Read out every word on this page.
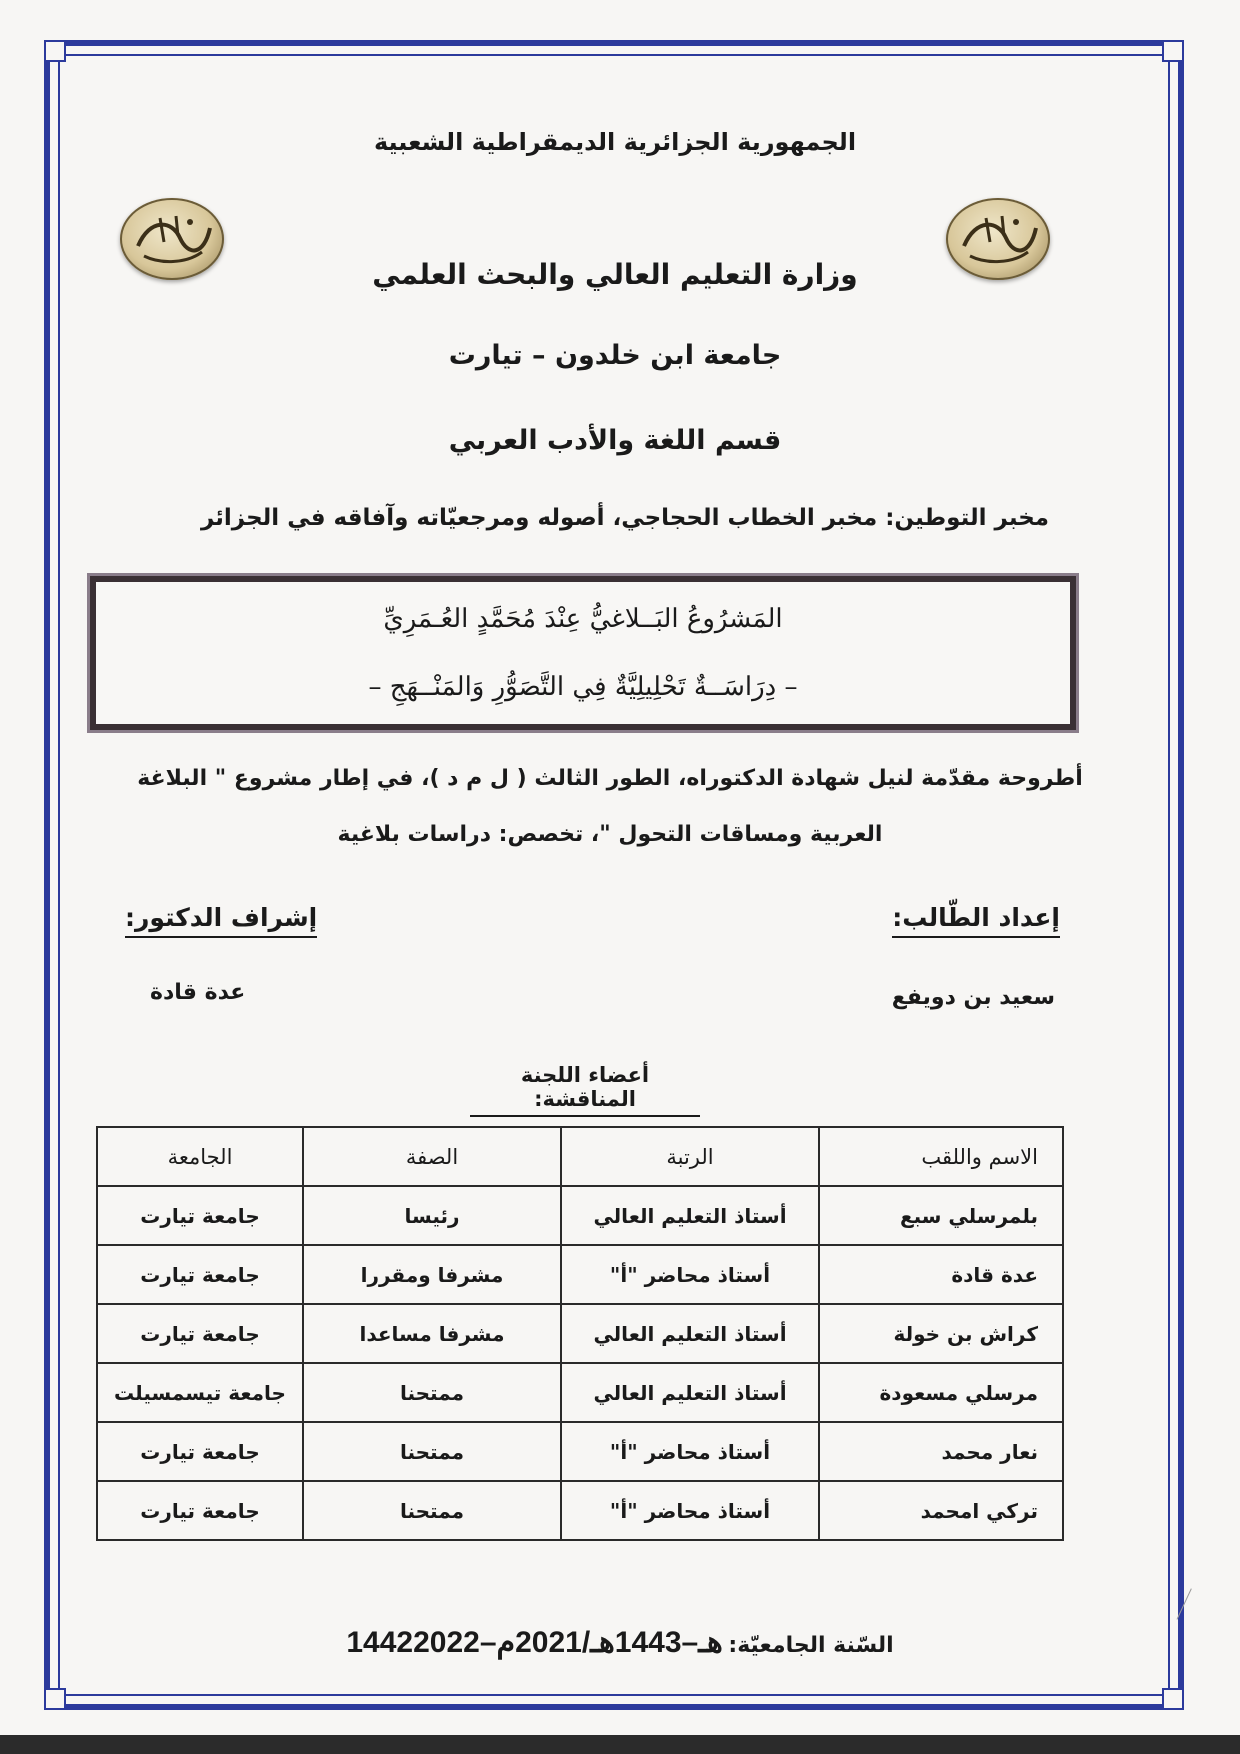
الجمهورية الجزائرية الديمقراطية الشعبية
وزارة التعليم العالي والبحث العلمي
جامعة ابن خلدون – تيارت
قسم اللغة والأدب العربي
مخبر التوطين: مخبر الخطاب الحجاجي، أصوله ومرجعيّاته وآفاقه في الجزائر
المَشرُوعُ البَــلاغيُّ عِنْدَ مُحَمَّدٍ العُـمَرِيِّ
– دِرَاسَــةٌ تَحْلِيلِيَّةٌ فِي التَّصَوُّرِ وَالمَنْــهَجِ –
أطروحة مقدّمة لنيل شهادة الدكتوراه، الطور الثالث ( ل م د )، في إطار مشروع " البلاغة
العربية ومساقات التحول "، تخصص: دراسات بلاغية
إعداد الطّالب:
إشراف الدكتور:
سعيد بن دويفع
عدة قادة
أعضاء اللجنة المناقشة:
الاسم واللقب	الرتبة	الصفة	الجامعة
بلمرسلي سبع	أستاذ التعليم العالي	رئيسا	جامعة تيارت
عدة قادة	أستاذ محاضر "أ"	مشرفا ومقررا	جامعة تيارت
كراش بن خولة	أستاذ التعليم العالي	مشرفا مساعدا	جامعة تيارت
مرسلي مسعودة	أستاذ التعليم العالي	ممتحنا	جامعة تيسمسيلت
نعار محمد	أستاذ محاضر "أ"	ممتحنا	جامعة تيارت
تركي امحمد	أستاذ محاضر "أ"	ممتحنا	جامعة تيارت
السّنة الجامعيّة: 1442هـ–1443هـ/2021م–2022
